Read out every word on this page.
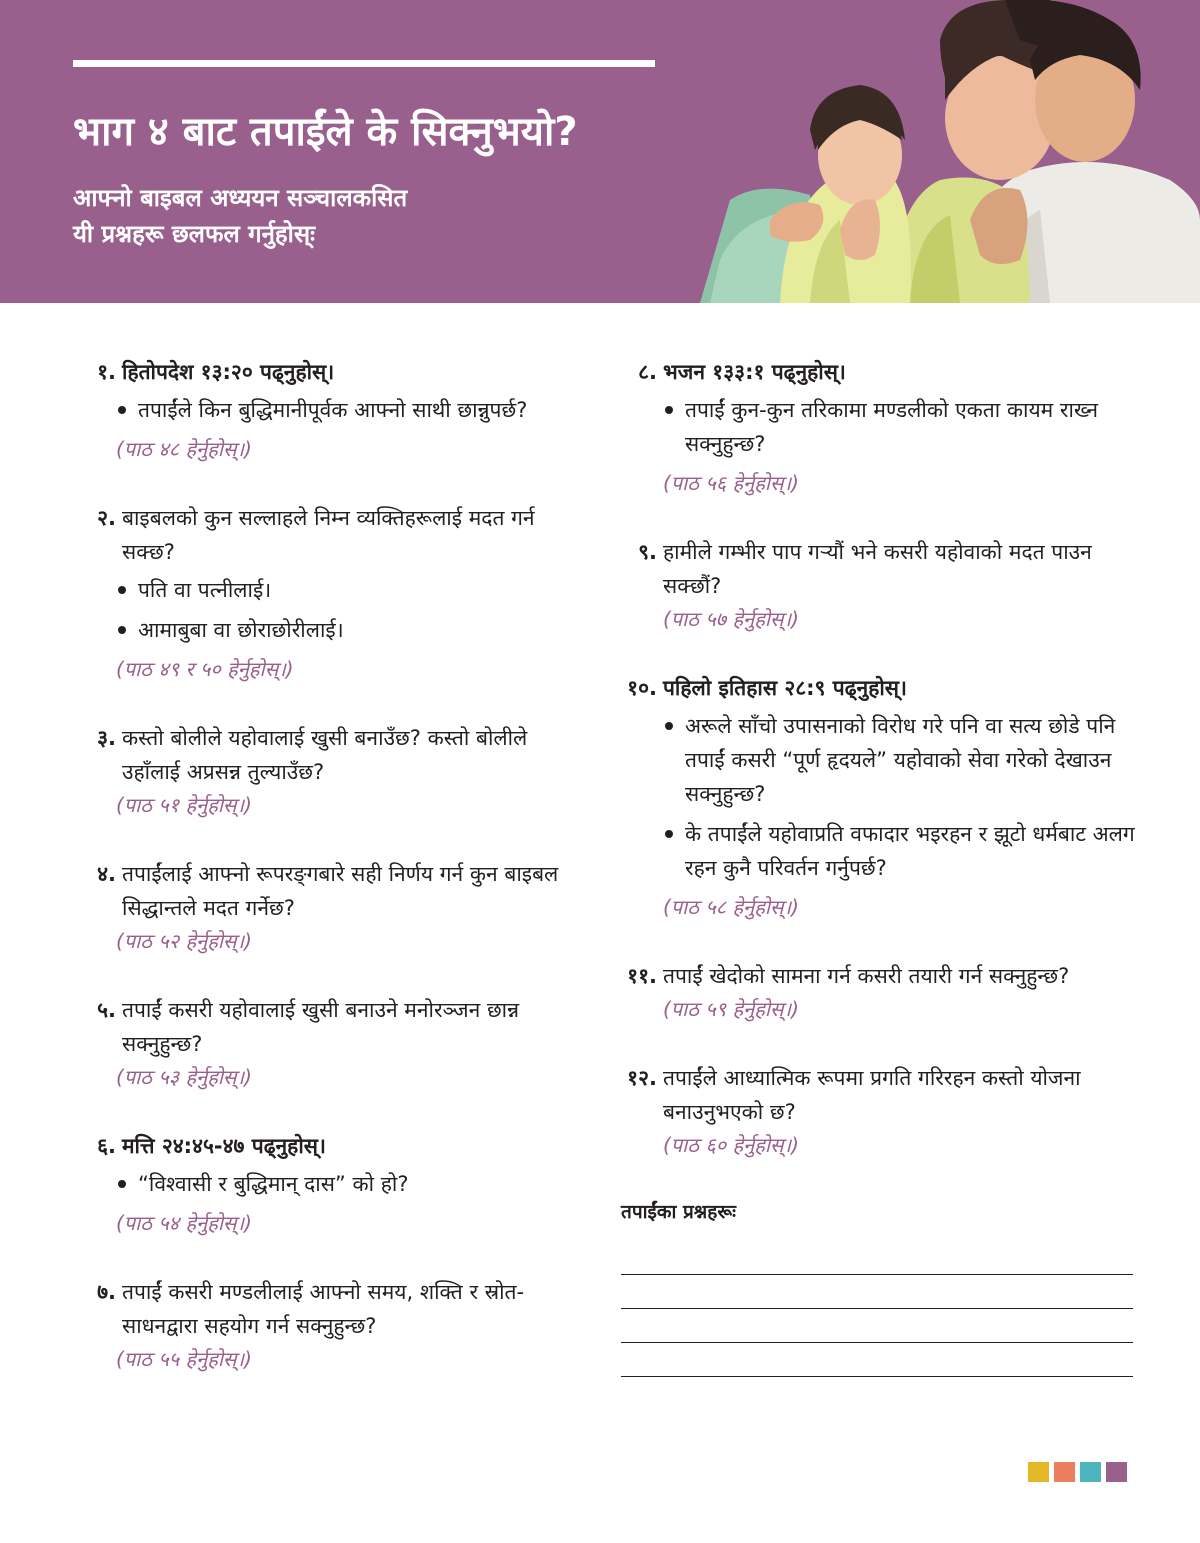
भाग ४ बाट तपाईंले के सिक्नुभयो?
आफ्नो बाइबल अध्ययन सञ्चालकसित
यी प्रश्नहरू छलफल गर्नुहोस्‌ः
१. हितोपदेश १३:२० पढ्नुहोस्‌।
तपाईंले किन बुद्धिमानीपूर्वक आफ्नो साथी छान्नुपर्छ?
(पाठ ४८ हेर्नुहोस्‌।)
२. बाइबलको कुन सल्लाहले निम्न व्यक्तिहरूलाई मदत गर्न सक्छ?
पति वा पत्नीलाई।
आमाबुबा वा छोराछोरीलाई।
(पाठ ४९ र ५० हेर्नुहोस्‌।)
३. कस्तो बोलीले यहोवालाई खुसी बनाउँछ? कस्तो बोलीले उहाँलाई अप्रसन्न तुल्याउँछ?
(पाठ ५१ हेर्नुहोस्‌।)
४. तपाईंलाई आफ्नो रूपरङ्‌गबारे सही निर्णय गर्न कुन बाइबल सिद्धान्तले मदत गर्नेछ?
(पाठ ५२ हेर्नुहोस्‌।)
५. तपाईं कसरी यहोवालाई खुसी बनाउने मनोरञ्जन छान्न सक्नुहुन्छ?
(पाठ ५३ हेर्नुहोस्‌।)
६. मत्ति २४:४५-४७ पढ्नुहोस्‌।
“विश्वासी र बुद्धिमान्‌ दास” को हो?
(पाठ ५४ हेर्नुहोस्‌।)
७. तपाईं कसरी मण्डलीलाई आफ्नो समय, शक्ति र स्रोत-साधनद्वारा सहयोग गर्न सक्नुहुन्छ?
(पाठ ५५ हेर्नुहोस्‌।)
८. भजन १३३:१ पढ्नुहोस्‌।
तपाईं कुन-कुन तरिकामा मण्डलीको एकता कायम राख्न सक्नुहुन्छ?
(पाठ ५६ हेर्नुहोस्‌।)
९. हामीले गम्भीर पाप गऱ्यौं भने कसरी यहोवाको मदत पाउन सक्छौं?
(पाठ ५७ हेर्नुहोस्‌।)
१०. पहिलो इतिहास २८:९ पढ्नुहोस्‌।
अरूले साँचो उपासनाको विरोध गरे पनि वा सत्य छोडे पनि तपाईं कसरी “पूर्ण हृदयले” यहोवाको सेवा गरेको देखाउन सक्नुहुन्छ?
के तपाईंले यहोवाप्रति वफादार भइरहन र झूटो धर्मबाट अलग रहन कुनै परिवर्तन गर्नुपर्छ?
(पाठ ५८ हेर्नुहोस्‌।)
११. तपाईं खेदोको सामना गर्न कसरी तयारी गर्न सक्नुहुन्छ?
(पाठ ५९ हेर्नुहोस्‌।)
१२. तपाईंले आध्यात्मिक रूपमा प्रगति गरिरहन कस्तो योजना बनाउनुभएको छ?
(पाठ ६० हेर्नुहोस्‌।)
तपाईंका प्रश्नहरूः
